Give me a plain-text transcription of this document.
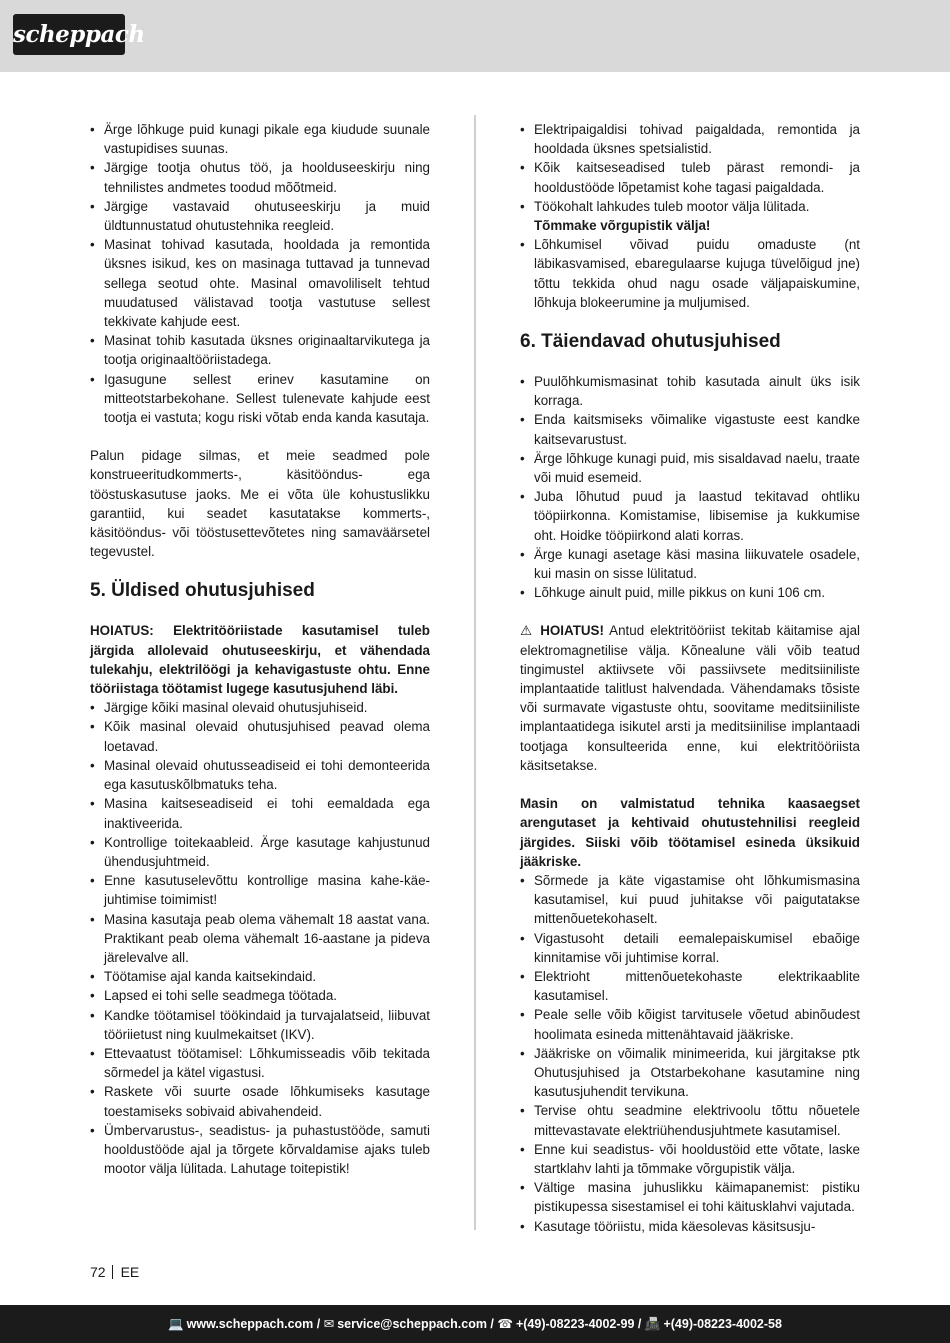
scheppach
• Ärge lõhkuge puid kunagi pikale ega kiudude suunale vastupidises suunas.
• Järgige tootja ohutus töö, ja hoolduseeskirju ning tehnilistes andmetes toodud mõõtmeid.
• Järgige vastavaid ohutuseeskirju ja muid üldtunnustatud ohutustehnika reegleid.
• Masinat tohivad kasutada, hooldada ja remontida üksnes isikud, kes on masinaga tuttavad ja tunnevad sellega seotud ohte. Masinal omavoliliselt tehtud muudatused välistavad tootja vastutuse sellest tekkivate kahjude eest.
• Masinat tohib kasutada üksnes originaaltarvikutega ja tootja originaaltööriistadega.
• Igasugune sellest erinev kasutamine on mitteotstarbekohane. Sellest tulenevate kahjude eest tootja ei vastuta; kogu riski võtab enda kanda kasutaja.

Palun pidage silmas, et meie seadmed pole konstrueeritudkommerts-, käsitööndus- ega tööstuskasutuse jaoks. Me ei võta üle kohustuslikku garantiid, kui seadet kasutatakse kommerts-, käsitööndus- või tööstusettevõtetes ning samaväärsetel tegevustel.

5. Üldised ohutusjuhised

HOIATUS: Elektritööriistade kasutamisel tuleb järgida allolevaid ohutuseeskirju, et vähendada tulekahju, elektrilöögi ja kehavigastuste ohtu. Enne tööriistaga töötamist lugege kasutusjuhend läbi.

• Järgige kõiki masinal olevaid ohutusjuhiseid.
• Kõik masinal olevaid ohutusjuhised peavad olema loetavad.
• Masinal olevaid ohutusseadiseid ei tohi demonteerida ega kasutuskõlbmatuks teha.
• Masina kaitseseadiseid ei tohi eemaldada ega inaktiveerida.
• Kontrollige toitekaableid. Ärge kasutage kahjustunud ühendusjuhtmeid.
• Enne kasutuselevõttu kontrollige masina kahe-käe-juhtimise toimimist!
• Masina kasutaja peab olema vähemalt 18 aastat vana. Praktikant peab olema vähemalt 16-aastane ja pideva järelevalve all.
• Töötamise ajal kanda kaitsekindaid.
• Lapsed ei tohi selle seadmega töötada.
• Kandke töötamisel töökindaid ja turvajalatseid, liibuvat tööriietust ning kuulmekaitset (IKV).
• Ettevaatust töötamisel: Lõhkumisseadis võib tekitada sõrmedel ja kätel vigastusi.
• Raskete või suurte osade lõhkumiseks kasutage toestamiseks sobivaid abivahendeid.
• Ümbervarustus-, seadistus- ja puhastustööde, samuti hooldustööde ajal ja tõrgete kõrvaldamise ajaks tuleb mootor välja lülitada. Lahutage toitepistik!
• Elektripaigaldisi tohivad paigaldada, remontida ja hooldada üksnes spetsialistid.
• Kõik kaitseseadised tuleb pärast remondi- ja hooldustööde lõpetamist kohe tagasi paigaldada.
• Töökohalt lahkudes tuleb mootor välja lülitada.
Tõmmake võrgupistik välja!
• Lõhkumisel võivad puidu omaduste (nt läbikasvamised, ebaregulaarse kujuga tüvelõigud jne) tõttu tekkida ohud nagu osade väljapaiskumine, lõhkuja blokeerumine ja muljumised.
6. Täiendavad ohutusjuhised
• Puulõhkumismasinat tohib kasutada ainult üks isik korraga.
• Enda kaitsmiseks võimalike vigastuste eest kandke kaitsevarustust.
• Ärge lõhkuge kunagi puid, mis sisaldavad naelu, traate või muid esemeid.
• Juba lõhutud puud ja laastud tekitavad ohtliku tööpiirkonna. Komistamise, libisemise ja kukkumise oht. Hoidke tööpiirkond alati korras.
• Ärge kunagi asetage käsi masina liikuvatele osadele, kui masin on sisse lülitatud.
• Lõhkuge ainult puid, mille pikkus on kuni 106 cm.

⚠ HOIATUS! Antud elektritööriist tekitab käitamise ajal elektromagnetilise välja. Kõnealune väli võib teatud tingimustel aktiivsete või passiivsete meditsiiniliste implantaatide talitlust halvendada. Vähendamaks tõsiste või surmavate vigastuste ohtu, soovitame meditsiiniliste implantaatidega isikutel arsti ja meditsiinilise implantaadi tootjaga konsulteerida enne, kui elektritööriista käsitsetakse.

Masin on valmistatud tehnika kaasaegset arengutaset ja kehtivaid ohutustehnilisi reegleid järgides. Siiski võib töötamisel esineda üksikuid jääkriske.

• Sõrmede ja käte vigastamise oht lõhkumismasina kasutamisel, kui puud juhitakse või paigutatakse mittenõuetekohaselt.
• Vigastusoht detaili eemalepaiskumisel ebaõige kinnitamise või juhtimise korral.
• Elektrioht mittenõuetekohaste elektrikaablite kasutamisel.
• Peale selle võib kõigist tarvitusele võetud abinõudest hoolimata esineda mittenähtavaid jääkriske.
• Jääkriske on võimalik minimeerida, kui järgitakse ptk Ohutusjuhised ja Otstarbekohane kasutamine ning kasutusjuhendit tervikuna.
• Tervise ohtu seadmine elektrivoolu tõttu nõuetele mittevastavate elektriühendusjuhtmete kasutamisel.
• Enne kui seadistus- või hooldustöid ette võtate, laske startklahv lahti ja tõmmake võrgupistik välja.
• Vältige masina juhuslikku käimapanemist: pistiku pistikupessa sisestamisel ei tohi käitusklahvi vajutada.
• Kasutage tööriistu, mida käesolevas käsitsusju-
72 EE
💻 www.scheppach.com / ✉ service@scheppach.com / ☎ +(49)-08223-4002-99 / 📠 +(49)-08223-4002-58
